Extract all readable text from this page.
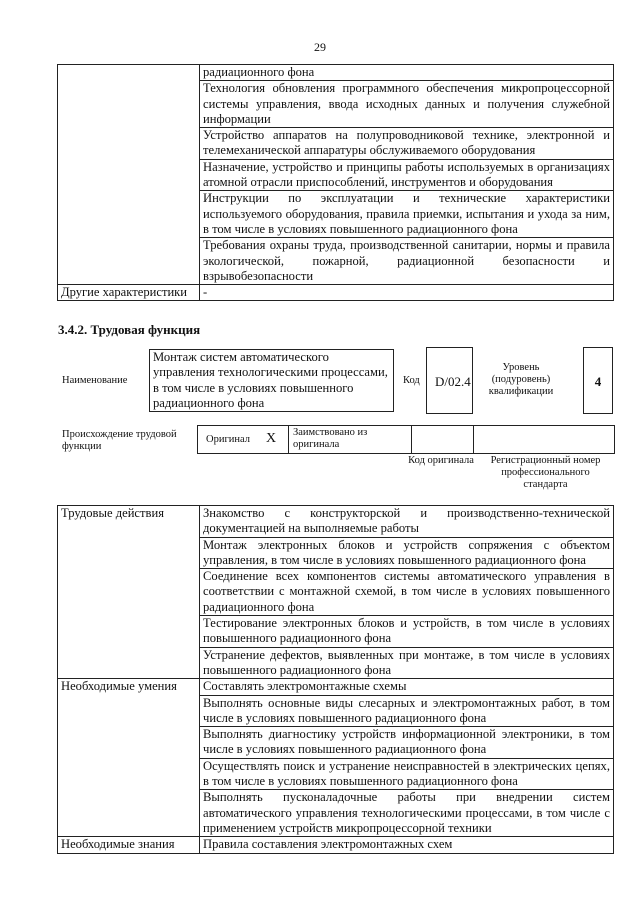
29
	радиационного фона
	Технология обновления программного обеспечения микропроцессорной системы управления, ввода исходных данных и получения служебной информации
	Устройство аппаратов на полупроводниковой технике, электронной и телемеханической аппаратуры обслуживаемого оборудования
	Назначение, устройство и принципы работы используемых в организациях атомной отрасли приспособлений, инструментов и оборудования
	Инструкции по эксплуатации и технические характеристики используемого оборудования, правила приемки, испытания и ухода за ним, в том числе в условиях повышенного радиационного фона
	Требования охраны труда, производственной санитарии, нормы и правила экологической, пожарной, радиационной безопасности и взрывобезопасности
Другие характеристики	-
3.4.2. Трудовая функция
Наименование
Монтаж систем автоматического управления технологическими процессами, в том числе в условиях повышенного радиационного фона
Код	D/02.4
Уровень (подуровень) квалификации
4
Происхождение трудовой функции
Оригинал X	Заимствовано из оригинала
Код оригинала	Регистрационный номер профессионального стандарта
Трудовые действия	Знакомство с конструкторской и производственно-технической документацией на выполняемые работы
	Монтаж электронных блоков и устройств сопряжения с объектом управления, в том числе в условиях повышенного радиационного фона
	Соединение всех компонентов системы автоматического управления в соответствии с монтажной схемой, в том числе в условиях повышенного радиационного фона
	Тестирование электронных блоков и устройств, в том числе в условиях повышенного радиационного фона
	Устранение дефектов, выявленных при монтаже, в том числе в условиях повышенного радиационного фона
Необходимые умения	Составлять электромонтажные схемы
	Выполнять основные виды слесарных и электромонтажных работ, в том числе в условиях повышенного радиационного фона
	Выполнять диагностику устройств информационной электроники, в том числе в условиях повышенного радиационного фона
	Осуществлять поиск и устранение неисправностей в электрических цепях, в том числе в условиях повышенного радиационного фона
	Выполнять пусконаладочные работы при внедрении систем автоматического управления технологическими процессами, в том числе с применением устройств микропроцессорной техники
Необходимые знания	Правила составления электромонтажных схем
